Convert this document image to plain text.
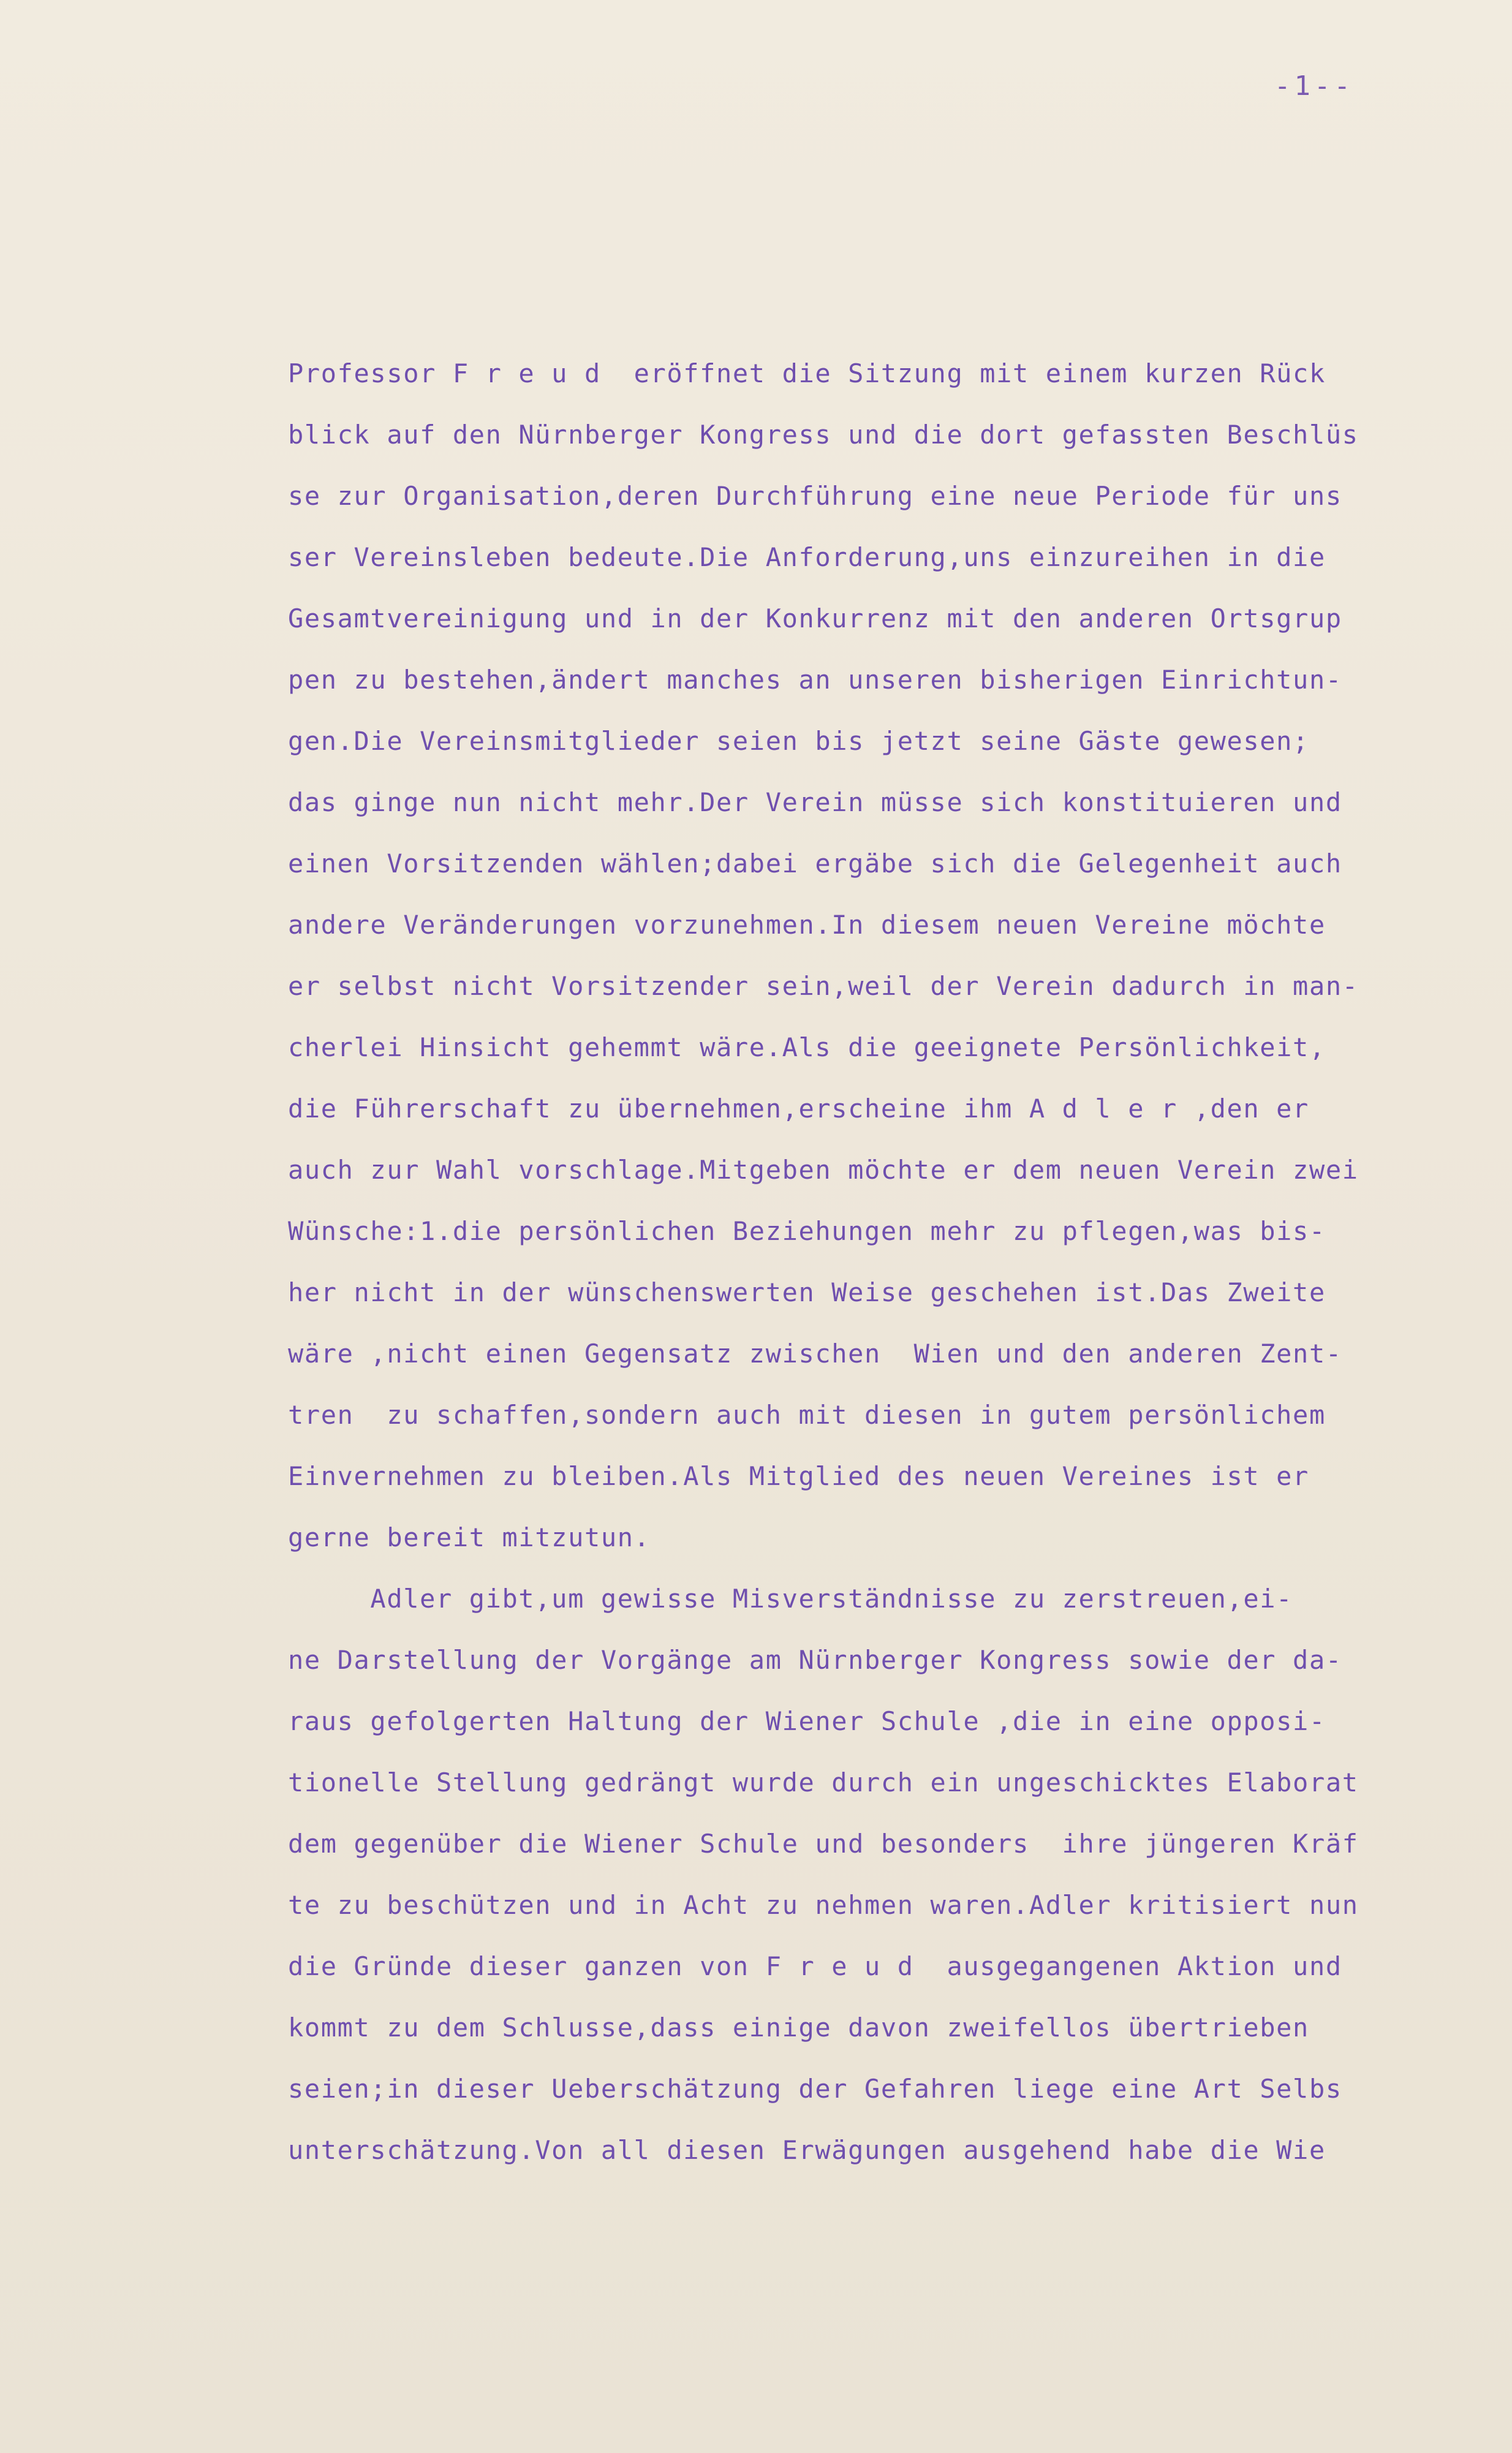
-1--
Professor F r e u d  eröffnet die Sitzung mit einem kurzen Rück
blick auf den Nürnberger Kongress und die dort gefassten Beschlüs
se zur Organisation,deren Durchführung eine neue Periode für uns
ser Vereinsleben bedeute.Die Anforderung,uns einzureihen in die
Gesamtvereinigung und in der Konkurrenz mit den anderen Ortsgrup
pen zu bestehen,ändert manches an unseren bisherigen Einrichtun-
gen.Die Vereinsmitglieder seien bis jetzt seine Gäste gewesen;
das ginge nun nicht mehr.Der Verein müsse sich konstituieren und
einen Vorsitzenden wählen;dabei ergäbe sich die Gelegenheit auch
andere Veränderungen vorzunehmen.In diesem neuen Vereine möchte
er selbst nicht Vorsitzender sein,weil der Verein dadurch in man-
cherlei Hinsicht gehemmt wäre.Als die geeignete Persönlichkeit,
die Führerschaft zu übernehmen,erscheine ihm A d l e r ,den er
auch zur Wahl vorschlage.Mitgeben möchte er dem neuen Verein zwei
Wünsche:1.die persönlichen Beziehungen mehr zu pflegen,was bis-
her nicht in der wünschenswerten Weise geschehen ist.Das Zweite
wäre ,nicht einen Gegensatz zwischen  Wien und den anderen Zent-
tren  zu schaffen,sondern auch mit diesen in gutem persönlichem
Einvernehmen zu bleiben.Als Mitglied des neuen Vereines ist er
gerne bereit mitzutun.
Adler gibt,um gewisse Misverständnisse zu zerstreuen,ei-
ne Darstellung der Vorgänge am Nürnberger Kongress sowie der da-
raus gefolgerten Haltung der Wiener Schule ,die in eine opposi-
tionelle Stellung gedrängt wurde durch ein ungeschicktes Elaborat
dem gegenüber die Wiener Schule und besonders  ihre jüngeren Kräf
te zu beschützen und in Acht zu nehmen waren.Adler kritisiert nun
die Gründe dieser ganzen von F r e u d  ausgegangenen Aktion und
kommt zu dem Schlusse,dass einige davon zweifellos übertrieben
seien;in dieser Ueberschätzung der Gefahren liege eine Art Selbs
unterschätzung.Von all diesen Erwägungen ausgehend habe die Wie
